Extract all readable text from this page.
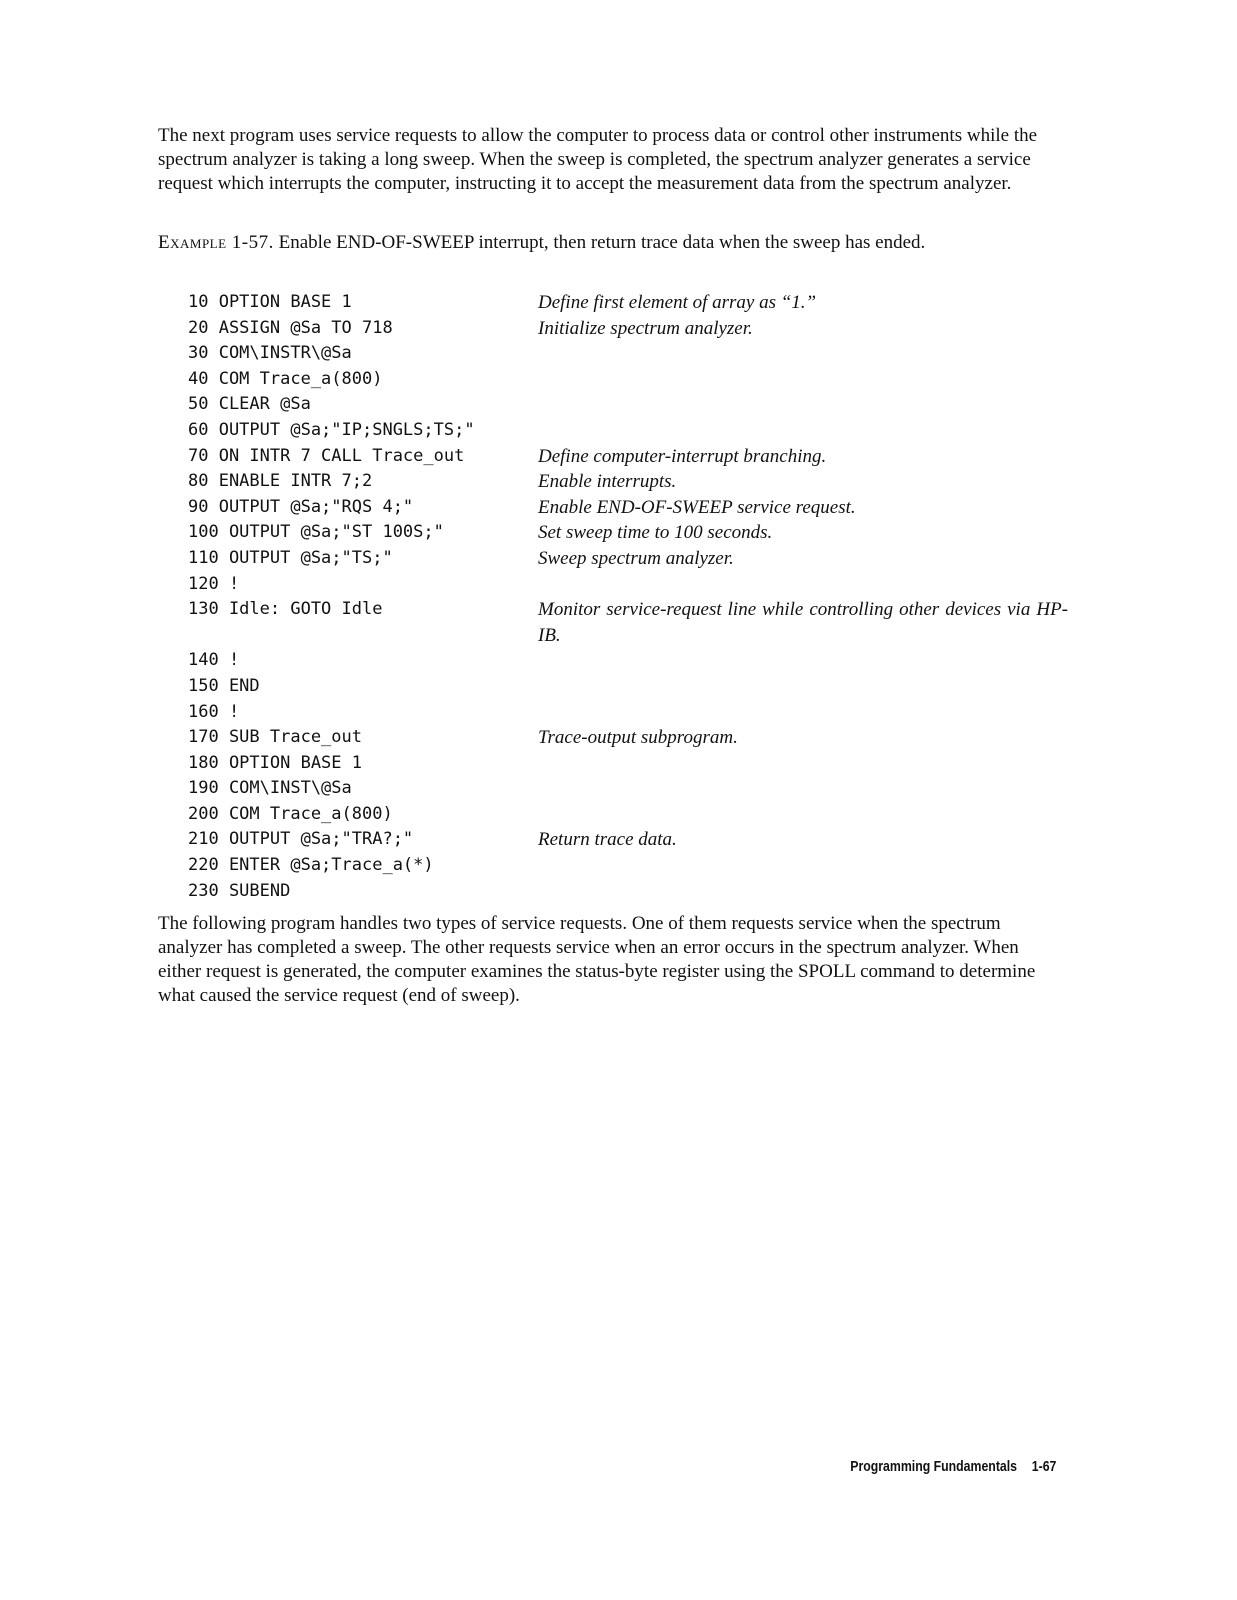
The next program uses service requests to allow the computer to process data or control other instruments while the spectrum analyzer is taking a long sweep. When the sweep is completed, the spectrum analyzer generates a service request which interrupts the computer, instructing it to accept the measurement data from the spectrum analyzer.
Example 1-57. Enable END-OF-SWEEP interrupt, then return trace data when the sweep has ended.
10 OPTION BASE 1	Define first element of array as “1.”
20 ASSIGN @Sa TO 718	Initialize spectrum analyzer.
30 COM\INSTR\@Sa
40 COM Trace_a(800)
50 CLEAR @Sa
60 OUTPUT @Sa;"IP;SNGLS;TS;"
70 ON INTR 7 CALL Trace_out	Define computer-interrupt branching.
80 ENABLE INTR 7;2	Enable interrupts.
90 OUTPUT @Sa;"RQS 4;"	Enable END-OF-SWEEP service request.
100 OUTPUT @Sa;"ST 100S;"	Set sweep time to 100 seconds.
110 OUTPUT @Sa;"TS;"	Sweep spectrum analyzer.
120 !
130 Idle: GOTO Idle	Monitor service-request line while controlling other devices via HP-IB.
140 !
150 END
160 !
170 SUB Trace_out	Trace-output subprogram.
180 OPTION BASE 1
190 COM\INST\@Sa
200 COM Trace_a(800)
210 OUTPUT @Sa;"TRA?;"	Return trace data.
220 ENTER @Sa;Trace_a(*)
230 SUBEND
The following program handles two types of service requests. One of them requests service when the spectrum analyzer has completed a sweep. The other requests service when an error occurs in the spectrum analyzer. When either request is generated, the computer examines the status-byte register using the SPOLL command to determine what caused the service request (end of sweep).
Programming Fundamentals 1-67
